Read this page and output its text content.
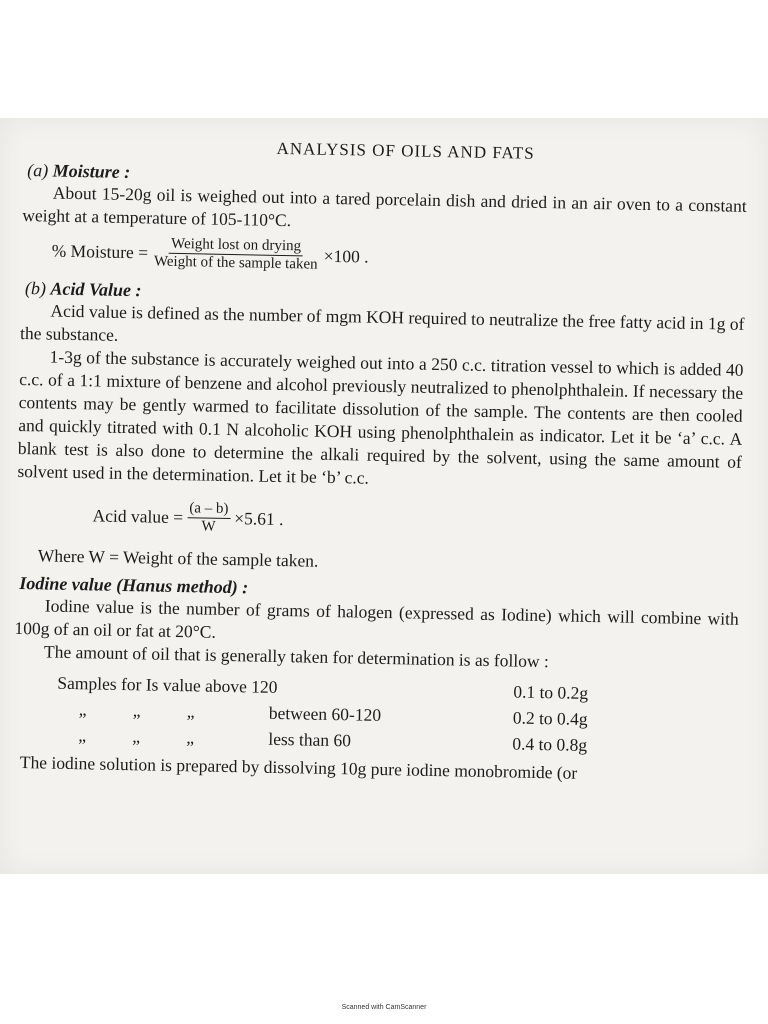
ANALYSIS OF OILS AND FATS
(a) Moisture :

About 15-20g oil is weighed out into a tared porcelain dish and dried in an air oven to a constant weight at a temperature of 105-110°C.

% Moisture = $\frac{\text{Weight lost on drying}}{\text{Weight of the sample taken}} \times 100$ .
(b) Acid Value :

Acid value is defined as the number of mgm KOH required to neutralize the free fatty acid in 1g of the substance.

1-3g of the substance is accurately weighed out into a 250 c.c. titration vessel to which is added 40 c.c. of a 1:1 mixture of benzene and alcohol previously neutralized to phenolphthalein. If necessary the contents may be gently warmed to facilitate dissolution of the sample. The contents are then cooled and quickly titrated with 0.1 N alcoholic KOH using phenolphthalein as indicator. Let it be ‘a’ c.c. A blank test is also done to determine the alkali required by the solvent, using the same amount of solvent used in the determination. Let it be ‘b’ c.c.

Acid value = $\frac{(a - b)}{W} \times 5.61$ .

Where W = Weight of the sample taken.

Iodine value (Hanus method) :

Iodine value is the number of grams of halogen (expressed as Iodine) which will combine with 100g of an oil or fat at 20°C.

The amount of oil that is generally taken for determination is as follow :

Samples for Is value above 120	0.1 to 0.2g
„	„	„	between 60-120	0.2 to 0.4g
„	„	„	less than 60	0.4 to 0.8g

The iodine solution is prepared by dissolving 10g pure iodine monobromide (or

Scanned with CamScanner
